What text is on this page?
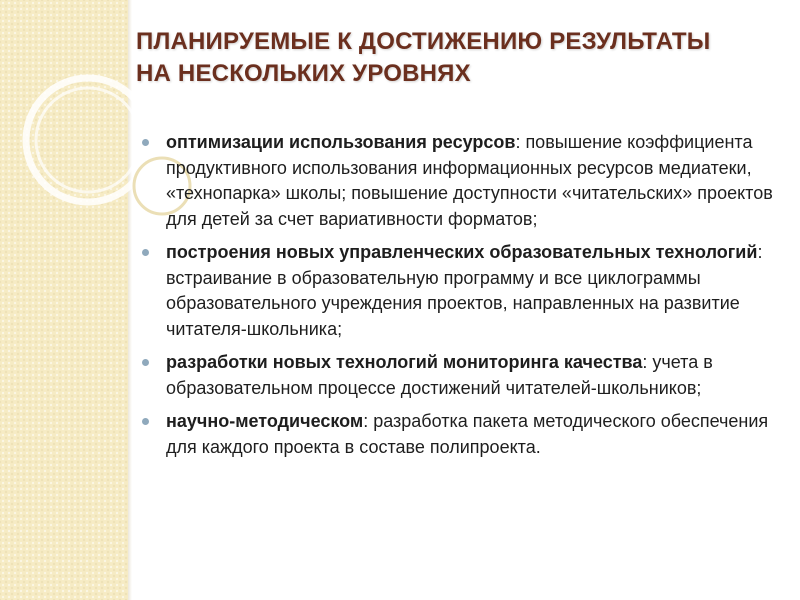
ПЛАНИРУЕМЫЕ К ДОСТИЖЕНИЮ РЕЗУЛЬТАТЫ
НА НЕСКОЛЬКИХ УРОВНЯХ
оптимизации использования ресурсов: повышение коэффициента продуктивного использования информационных ресурсов медиатеки, «технопарка» школы; повышение доступности «читательских» проектов для детей за счет вариативности форматов;
построения новых управленческих образовательных технологий: встраивание в образовательную программу и все циклограммы образовательного учреждения проектов, направленных на развитие читателя-школьника;
разработки новых технологий мониторинга качества: учета в образовательном процессе достижений читателей-школьников;
научно-методическом: разработка пакета методического обеспечения для каждого проекта в составе полипроекта.
